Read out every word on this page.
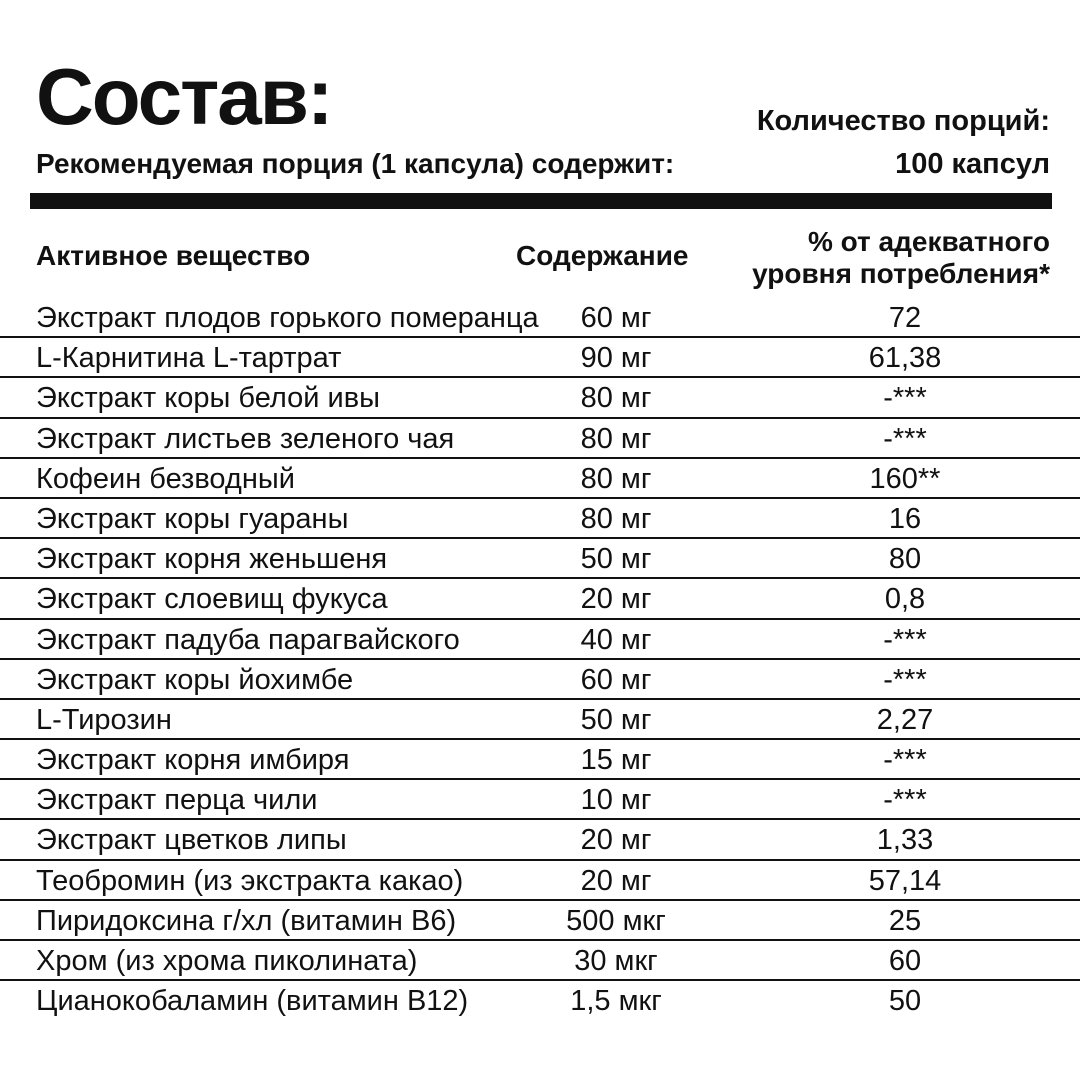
Состав:	Количество порций:
Рекомендуемая порция (1 капсула) содержит:	100 капсул
Активное вещество	Содержание	% от адекватного
уровня потребления*
Экстракт плодов горького померанца	60 мг	72
L-Карнитина L-тартрат	90 мг	61,38
Экстракт коры белой ивы	80 мг	-***
Экстракт листьев зеленого чая	80 мг	-***
Кофеин безводный	80 мг	160**
Экстракт коры гуараны	80 мг	16
Экстракт корня женьшеня	50 мг	80
Экстракт слоевищ фукуса	20 мг	0,8
Экстракт падуба парагвайского	40 мг	-***
Экстракт коры йохимбе	60 мг	-***
L-Тирозин	50 мг	2,27
Экстракт корня имбиря	15 мг	-***
Экстракт перца чили	10 мг	-***
Экстракт цветков липы	20 мг	1,33
Теобромин (из экстракта какао)	20 мг	57,14
Пиридоксина г/хл (витамин В6)	500 мкг	25
Хром (из хрома пиколината)	30 мкг	60
Цианокобаламин (витамин В12)	1,5 мкг	50
